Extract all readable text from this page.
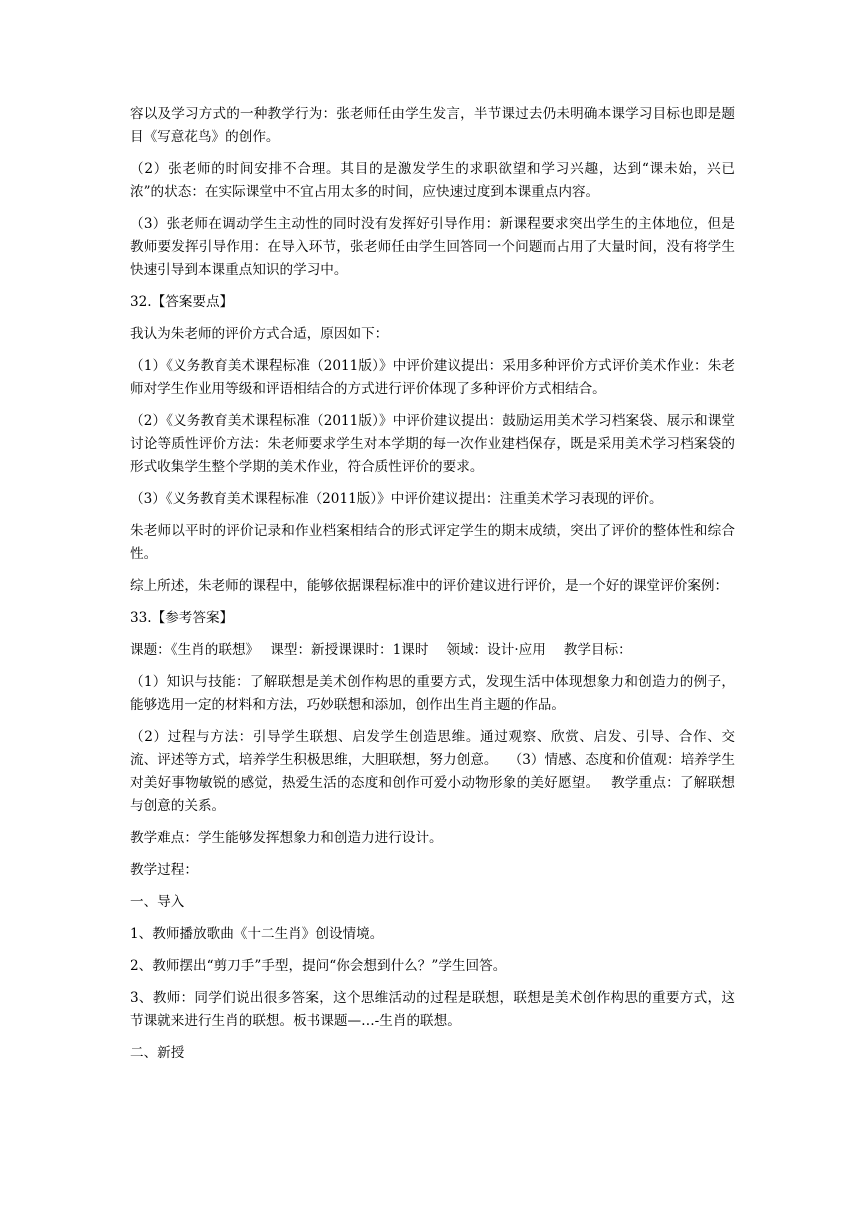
容以及学习方式的一种教学行为：张老师任由学生发言，半节课过去仍未明确本课学习目标也即是题目《写意花鸟》的创作。

（2）张老师的时间安排不合理。其目的是激发学生的求职欲望和学习兴趣，达到“课未始，兴已浓”的状态：在实际课堂中不宜占用太多的时间，应快速过度到本课重点内容。

（3）张老师在调动学生主动性的同时没有发挥好引导作用：新课程要求突出学生的主体地位，但是教师要发挥引导作用：在导入环节，张老师任由学生回答同一个问题而占用了大量时间，没有将学生快速引导到本课重点知识的学习中。

32.【答案要点】

我认为朱老师的评价方式合适，原因如下：

（1）《义务教育美术课程标准（2011版）》中评价建议提出：采用多种评价方式评价美术作业：朱老师对学生作业用等级和评语相结合的方式进行评价体现了多种评价方式相结合。

（2）《义务教育美术课程标准（2011版）》中评价建议提出：鼓励运用美术学习档案袋、展示和课堂讨论等质性评价方法：朱老师要求学生对本学期的每一次作业建档保存，既是采用美术学习档案袋的形式收集学生整个学期的美术作业，符合质性评价的要求。

（3）《义务教育美术课程标准（2011版）》中评价建议提出：注重美术学习表现的评价。

朱老师以平时的评价记录和作业档案相结合的形式评定学生的期末成绩，突出了评价的整体性和综合性。

综上所述，朱老师的课程中，能够依据课程标准中的评价建议进行评价，是一个好的课堂评价案例：

33.【参考答案】

课题：《生肖的联想》　 课型：新授课课时：1课时　 领域：设计·应用　 教学目标：

（1）知识与技能：了解联想是美术创作构思的重要方式，发现生活中体现想象力和创造力的例子，能够选用一定的材料和方法，巧妙联想和添加，创作出生肖主题的作品。

（2）过程与方法：引导学生联想、启发学生创造思维。通过观察、欣赏、启发、引导、合作、交流、评述等方式，培养学生积极思维，大胆联想，努力创意。　 （3）情感、态度和价值观：培养学生对美好事物敏锐的感觉，热爱生活的态度和创作可爱小动物形象的美好愿望。　 教学重点：了解联想与创意的关系。

教学难点：学生能够发挥想象力和创造力进行设计。

教学过程：

一、导入

1、教师播放歌曲《十二生肖》创设情境。

2、教师摆出“剪刀手”手型，提问“你会想到什么？”学生回答。

3、教师：同学们说出很多答案，这个思维活动的过程是联想，联想是美术创作构思的重要方式，这节课就来进行生肖的联想。板书课题—…-生肖的联想。

二、新授
